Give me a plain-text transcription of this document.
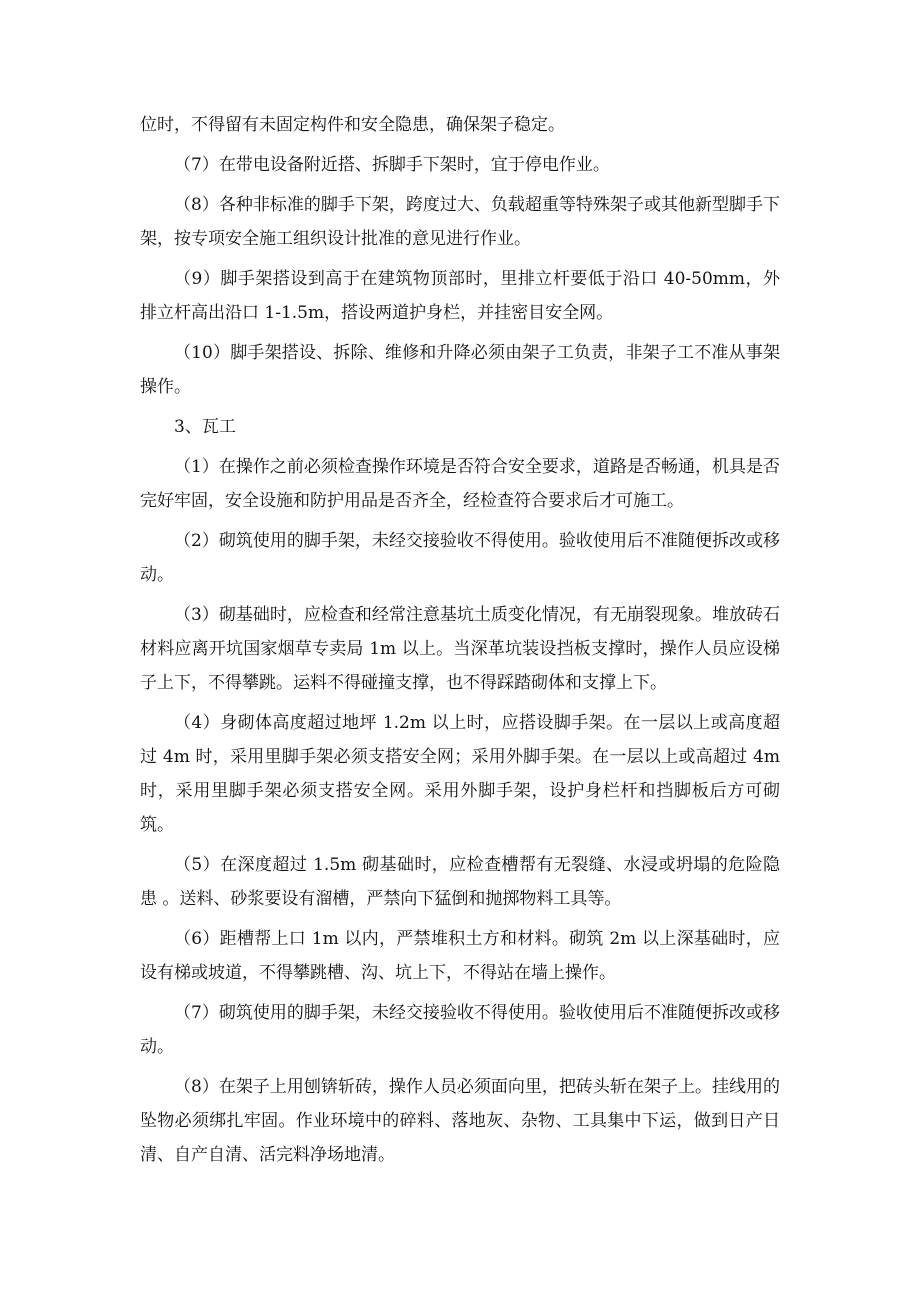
位时，不得留有未固定构件和安全隐患，确保架子稳定。

（7）在带电设备附近搭、拆脚手下架时，宜于停电作业。

（8）各种非标准的脚手下架，跨度过大、负载超重等特殊架子或其他新型脚手下架，按专项安全施工组织设计批准的意见进行作业。

（9）脚手架搭设到高于在建筑物顶部时，里排立杆要低于沿口 40-50mm，外排立杆高出沿口 1-1.5m，搭设两道护身栏，并挂密目安全网。

（10）脚手架搭设、拆除、维修和升降必须由架子工负责，非架子工不准从事架操作。

3、瓦工

（1）在操作之前必须检查操作环境是否符合安全要求，道路是否畅通，机具是否完好牢固，安全设施和防护用品是否齐全，经检查符合要求后才可施工。

（2）砌筑使用的脚手架，未经交接验收不得使用。验收使用后不准随便拆改或移动。

（3）砌基础时，应检查和经常注意基坑土质变化情况，有无崩裂现象。堆放砖石材料应离开坑国家烟草专卖局 1m 以上。当深革坑装设挡板支撑时，操作人员应设梯子上下，不得攀跳。运料不得碰撞支撑，也不得踩踏砌体和支撑上下。

（4）身砌体高度超过地坪 1.2m 以上时，应搭设脚手架。在一层以上或高度超过 4m 时，采用里脚手架必须支搭安全网；采用外脚手架。在一层以上或高超过 4m 时，采用里脚手架必须支搭安全网。采用外脚手架，设护身栏杆和挡脚板后方可砌筑。

（5）在深度超过 1.5m 砌基础时，应检查槽帮有无裂缝、水浸或坍塌的危险隐患 。送料、砂浆要设有溜槽，严禁向下猛倒和抛掷物料工具等。

（6）距槽帮上口 1m 以内，严禁堆积土方和材料。砌筑 2m 以上深基础时，应设有梯或坡道，不得攀跳槽、沟、坑上下，不得站在墙上操作。

（7）砌筑使用的脚手架，未经交接验收不得使用。验收使用后不准随便拆改或移动。

（8）在架子上用刨锛斩砖，操作人员必须面向里，把砖头斩在架子上。挂线用的坠物必须绑扎牢固。作业环境中的碎料、落地灰、杂物、工具集中下运，做到日产日清、自产自清、活完料净场地清。
